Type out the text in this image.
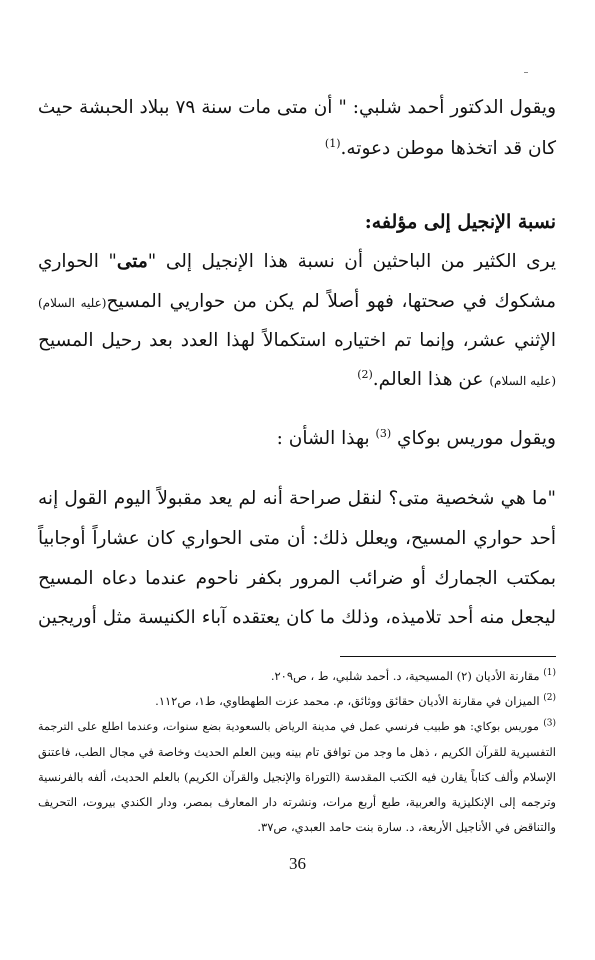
ويقول الدكتور أحمد شلبي: " أن متى مات سنة ٧٩ ببلاد الحبشة حيث
كان قد اتخذها موطن دعوته.$^{(1)}$
نسبة الإنجيل إلى مؤلفه:
يرى الكثير من الباحثين أن نسبة هذا الإنجيل إلى "متى" الحواري
مشكوك في صحتها، فهو أصلاً لم يكن من حواريي المسيح(عليه السلام)
الإثني عشر، وإنما تم اختياره استكمالاً لهذا العدد بعد رحيل المسيح
(عليه السلام) عن هذا العالم.$^{(2)}$
ويقول موريس بوكاي $^{(3)}$ بهذا الشأن :
"ما هي شخصية متى؟ لنقل صراحة أنه لم يعد مقبولاً اليوم القول إنه
أحد حواري المسيح، ويعلل ذلك: أن متى الحواري كان عشاراً أوجابياً
بمكتب الجمارك أو ضرائب المرور بكفر ناحوم عندما دعاه المسيح
ليجعل منه أحد تلاميذه، وذلك ما كان يعتقده آباء الكنيسة مثل أوريجين
$^{(1)}$ مقارنة الأديان (٢) المسيحية، د. أحمد شلبي، ط ، ص٢٠٩.
$^{(2)}$ الميزان في مقارنة الأديان حقائق ووثائق، م. محمد عزت الطهطاوي، ط١، ص١١٢.
$^{(3)}$ موريس بوكاي: هو طبيب فرنسي عمل في مدينة الرياض بالسعودية بضع سنوات، وعندما اطلع على الترجمة
التفسيرية للقرآن الكريم ، ذهل ما وجد من توافق تام بينه وبين العلم الحديث وخاصة في مجال الطب، فاعتنق
الإسلام وألف كتاباً يقارن فيه الكتب المقدسة (التوراة والإنجيل والقرآن الكريم) بالعلم الحديث، ألفه بالفرنسية
وترجمه إلى الإنكليزية والعربية، طبع أربع مرات، ونشرته دار المعارف بمصر، ودار الكندي بيروت، التحريف
والتناقض في الأناجيل الأربعة، د. سارة بنت حامد العبدي، ص٣٧.
36
